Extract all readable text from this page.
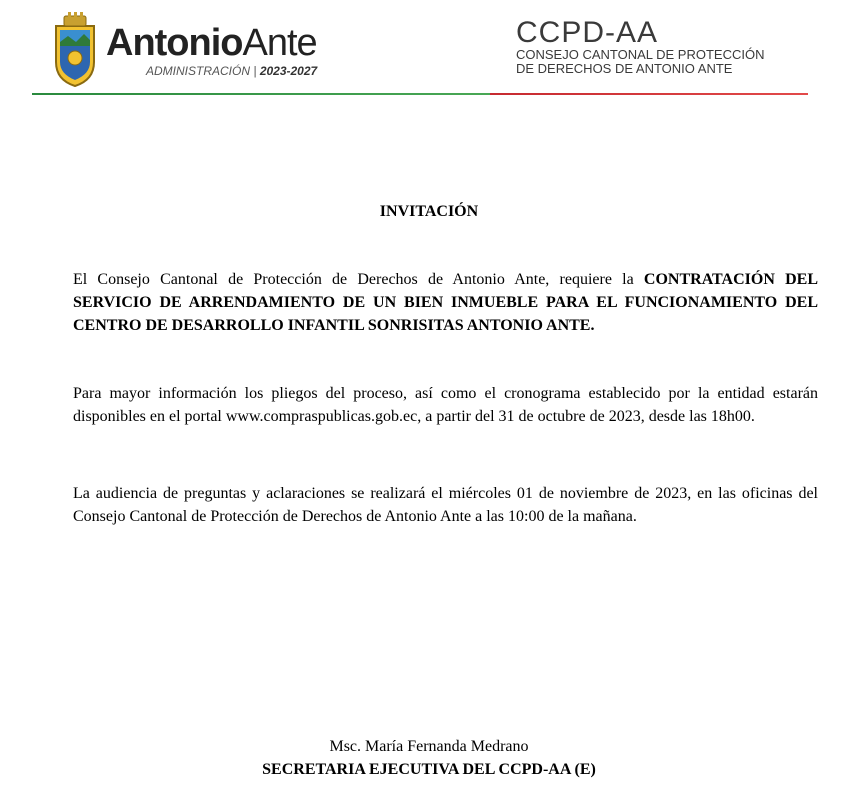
AntonioAnte
ADMINISTRACIÓN | 2023-2027
CCPD-AA
CONSEJO CANTONAL DE PROTECCIÓN
DE DERECHOS DE ANTONIO ANTE
INVITACIÓN
El Consejo Cantonal de Protección de Derechos de Antonio Ante, requiere la CONTRATACIÓN DEL SERVICIO DE ARRENDAMIENTO DE UN BIEN INMUEBLE PARA EL FUNCIONAMIENTO DEL CENTRO DE DESARROLLO INFANTIL SONRISITAS ANTONIO ANTE.
Para mayor información los pliegos del proceso, así como el cronograma establecido por la entidad estarán disponibles en el portal www.compraspublicas.gob.ec, a partir del 31 de octubre de 2023, desde las 18h00.
La audiencia de preguntas y aclaraciones se realizará el miércoles 01 de noviembre de 2023, en las oficinas del Consejo Cantonal de Protección de Derechos de Antonio Ante a las 10:00 de la mañana.
Msc. María Fernanda Medrano
SECRETARIA EJECUTIVA DEL CCPD-AA (E)
